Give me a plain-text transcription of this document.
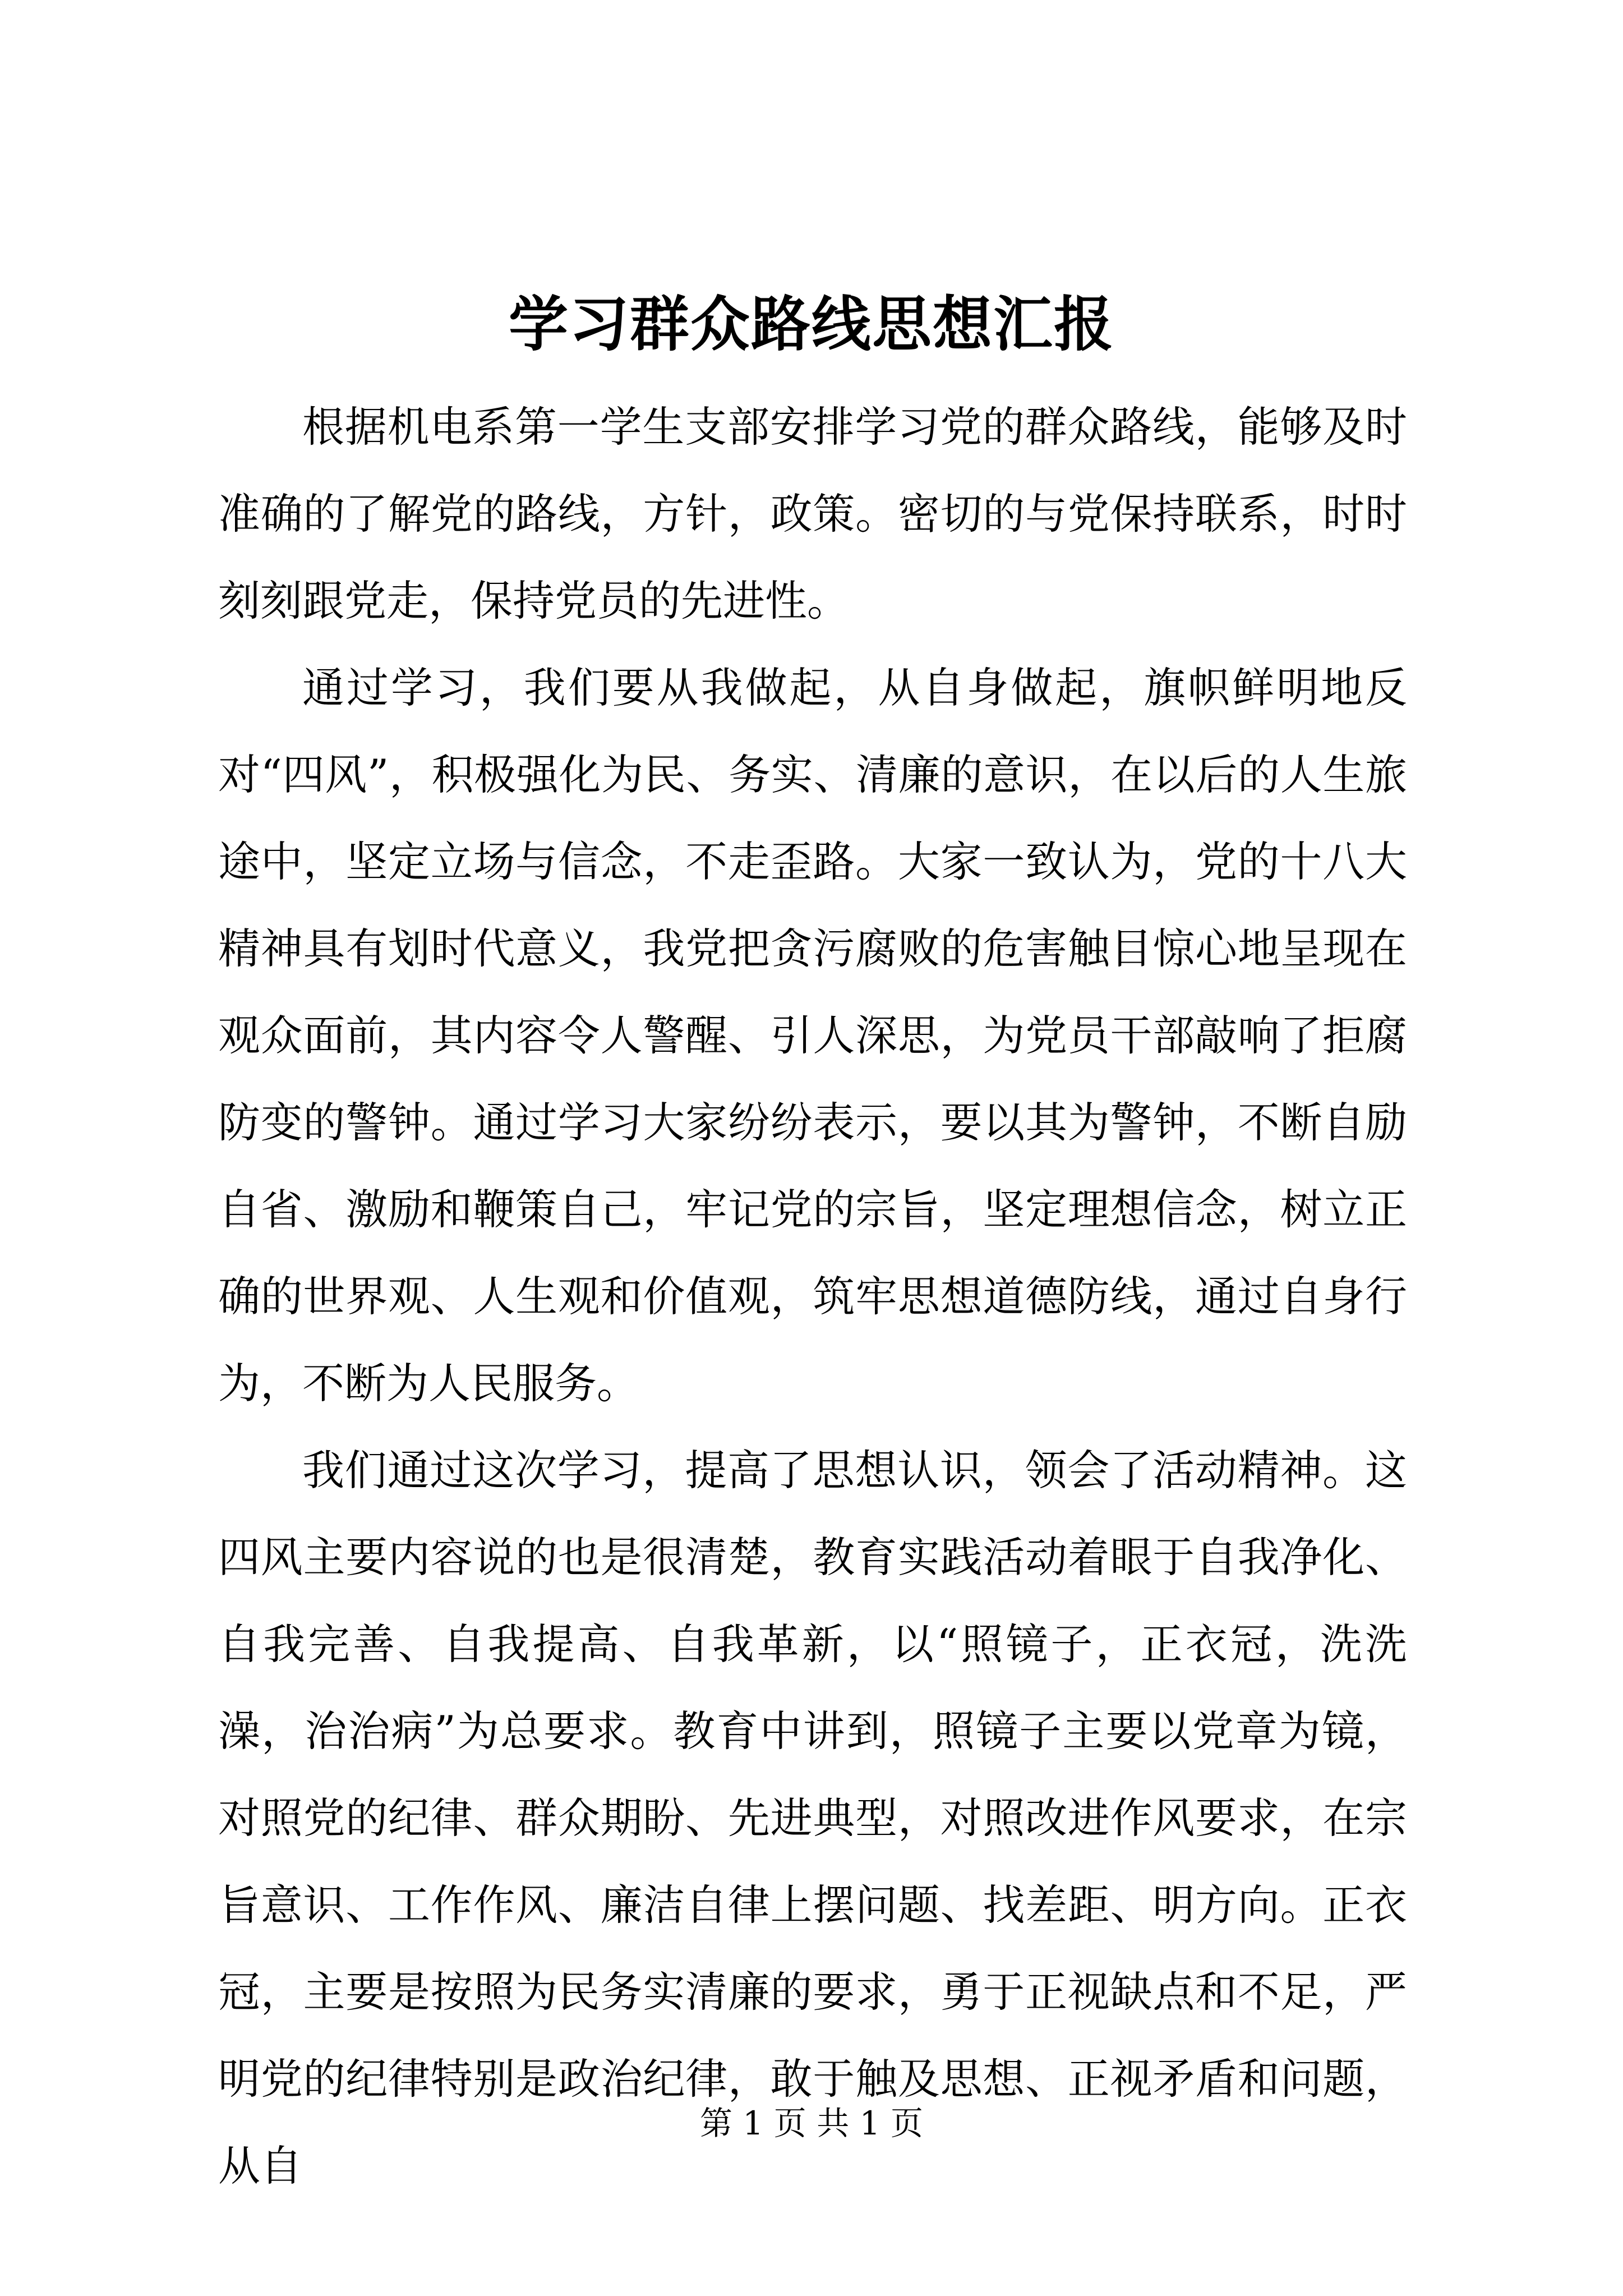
学习群众路线思想汇报

根据机电系第一学生支部安排学习党的群众路线，能够及时准确的了解党的路线，方针，政策。密切的与党保持联系，时时刻刻跟党走，保持党员的先进性。

通过学习，我们要从我做起，从自身做起，旗帜鲜明地反对“四风”，积极强化为民、务实、清廉的意识，在以后的人生旅途中，坚定立场与信念，不走歪路。大家一致认为，党的十八大精神具有划时代意义，我党把贪污腐败的危害触目惊心地呈现在观众面前，其内容令人警醒、引人深思，为党员干部敲响了拒腐防变的警钟。通过学习大家纷纷表示，要以其为警钟，不断自励自省、激励和鞭策自己，牢记党的宗旨，坚定理想信念，树立正确的世界观、人生观和价值观，筑牢思想道德防线，通过自身行为，不断为人民服务。

我们通过这次学习，提高了思想认识，领会了活动精神。这四风主要内容说的也是很清楚，教育实践活动着眼于自我净化、自我完善、自我提高、自我革新，以“照镜子，正衣冠，洗洗澡，治治病”为总要求。教育中讲到，照镜子主要以党章为镜，对照党的纪律、群众期盼、先进典型，对照改进作风要求，在宗旨意识、工作作风、廉洁自律上摆问题、找差距、明方向。正衣冠，主要是按照为民务实清廉的要求，勇于正视缺点和不足，严明党的纪律特别是政治纪律，敢于触及思想、正视矛盾和问题，从自

第 1 页 共 1 页
